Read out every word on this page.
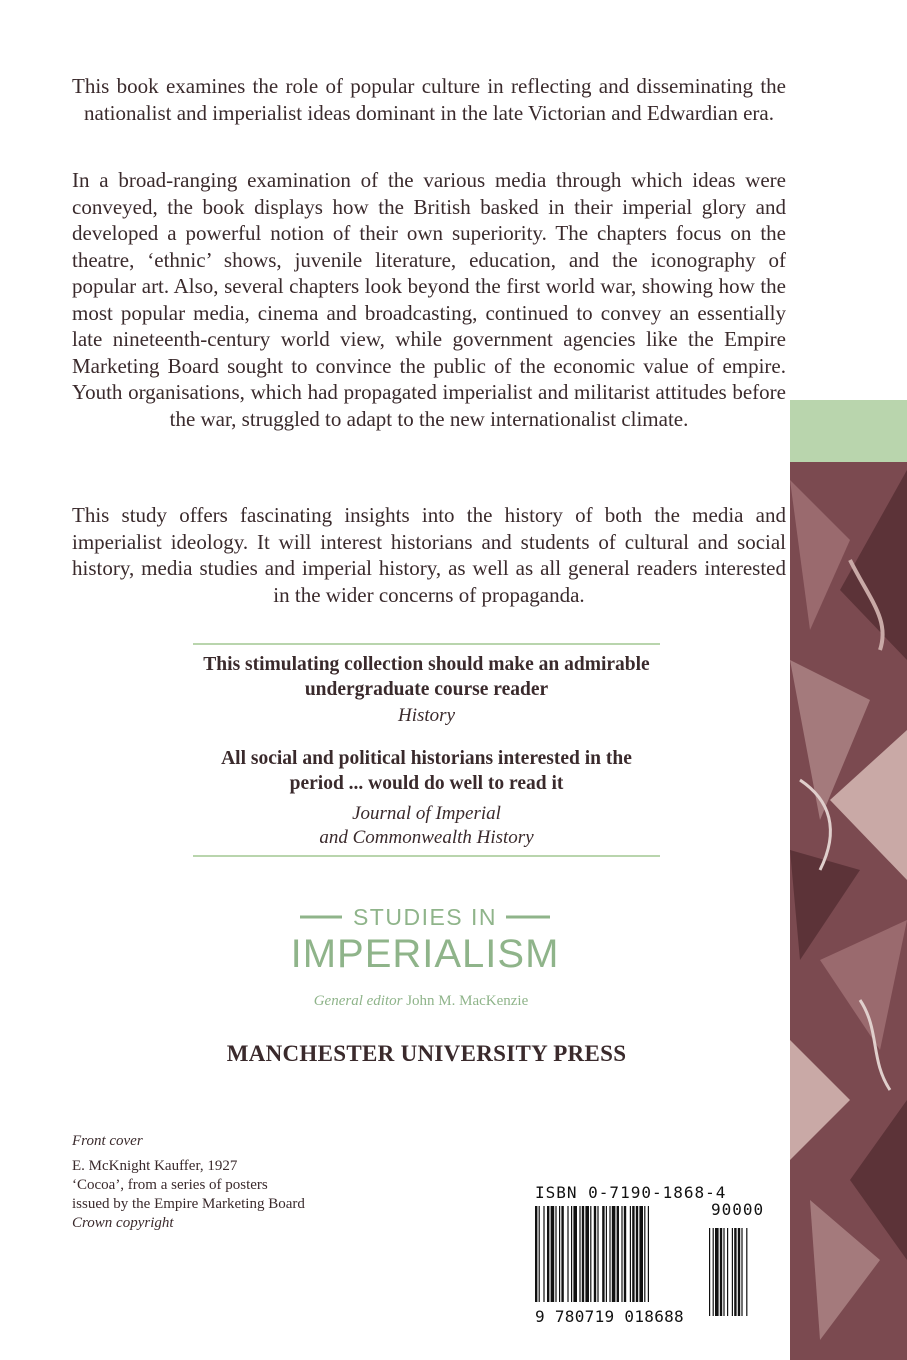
This book examines the role of popular culture in reflecting and disseminating the nationalist and imperialist ideas dominant in the late Victorian and Edwardian era.

In a broad-ranging examination of the various media through which ideas were conveyed, the book displays how the British basked in their imperial glory and developed a powerful notion of their own superiority. The chapters focus on the theatre, ‘ethnic’ shows, juvenile literature, education, and the iconography of popular art. Also, several chapters look beyond the first world war, showing how the most popular media, cinema and broadcasting, continued to convey an essentially late nineteenth-century world view, while government agencies like the Empire Marketing Board sought to convince the public of the economic value of empire. Youth organisations, which had propagated imperialist and militarist attitudes before the war, struggled to adapt to the new internationalist climate.

This study offers fascinating insights into the history of both the media and imperialist ideology. It will interest historians and students of cultural and social history, media studies and imperial history, as well as all general readers interested in the wider concerns of propaganda.

This stimulating collection should make an admirable undergraduate course reader

History

All social and political historians interested in the period ... would do well to read it

Journal of Imperial

and Commonwealth History

STUDIES IN
IMPERIALISM
General editor John M. MacKenzie
MANCHESTER UNIVERSITY PRESS
Front cover
E. McKnight Kauffer, 1927
‘Cocoa’, from a series of posters
issued by the Empire Marketing Board
Crown copyright
ISBN 0-7190-1868-4
90000
9 780719 018688
